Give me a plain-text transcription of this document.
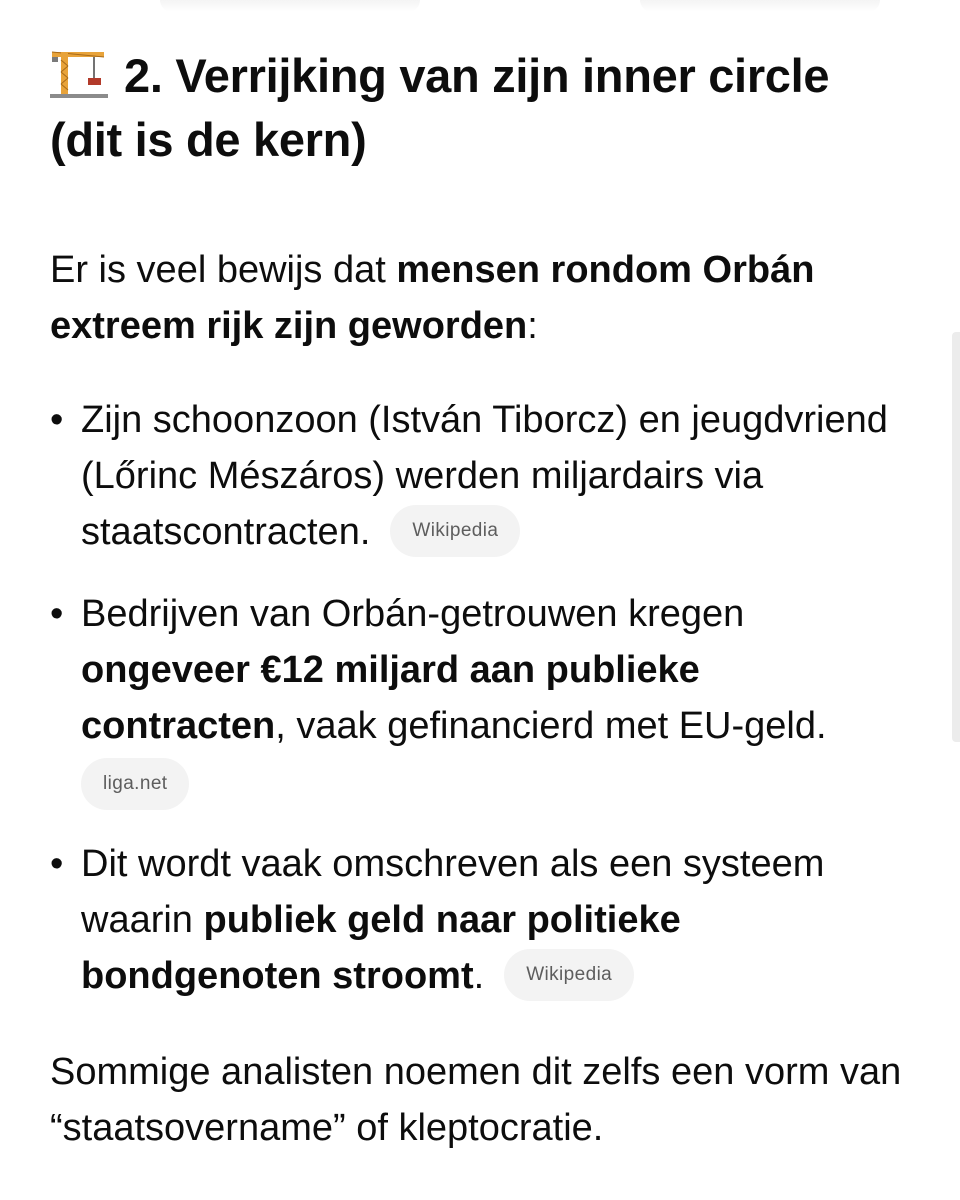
2. Verrijking van zijn inner circle
(dit is de kern)

Er is veel bewijs dat mensen rondom Orbán extreem rijk zijn geworden:

• Zijn schoonzoon (István Tiborcz) en jeugdvriend (Lőrinc Mészáros) werden miljardairs via staatscontracten. Wikipedia
• Bedrijven van Orbán-getrouwen kregen ongeveer €12 miljard aan publieke contracten, vaak gefinancierd met EU-geld.
liga.net
• Dit wordt vaak omschreven als een systeem waarin publiek geld naar politieke bondgenoten stroomt. Wikipedia

Sommige analisten noemen dit zelfs een vorm van “staatsovername” of kleptocratie.
